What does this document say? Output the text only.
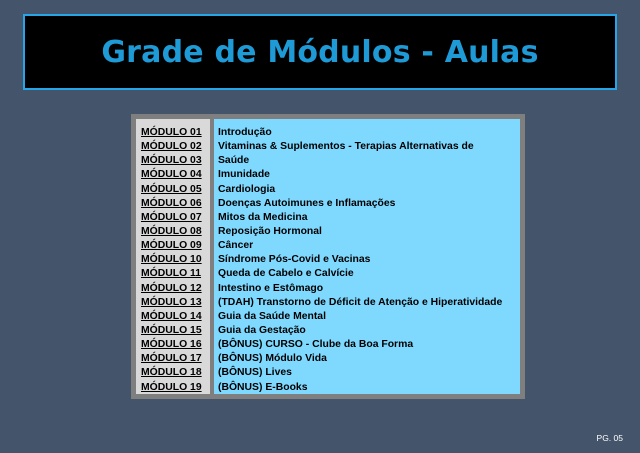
Grade de Módulos - Aulas
MÓDULO 01
MÓDULO 02
MÓDULO 03
MÓDULO 04
MÓDULO 05
MÓDULO 06
MÓDULO 07
MÓDULO 08
MÓDULO 09
MÓDULO 10
MÓDULO 11
MÓDULO 12
MÓDULO 13
MÓDULO 14
MÓDULO 15
MÓDULO 16
MÓDULO 17
MÓDULO 18
MÓDULO 19
Introdução
Vitaminas & Suplementos - Terapias Alternativas de
Saúde
Imunidade
Cardiologia
Doenças Autoimunes e Inflamações
Mitos da Medicina
Reposição Hormonal
Câncer
Síndrome Pós-Covid e Vacinas
Queda de Cabelo e Calvície
Intestino e Estômago
(TDAH) Transtorno de Déficit de Atenção e Hiperatividade
Guia da Saúde Mental
Guia da Gestação
(BÔNUS) CURSO - Clube da Boa Forma
(BÔNUS) Módulo Vida
(BÔNUS) Lives
(BÔNUS) E-Books
PG. 05
